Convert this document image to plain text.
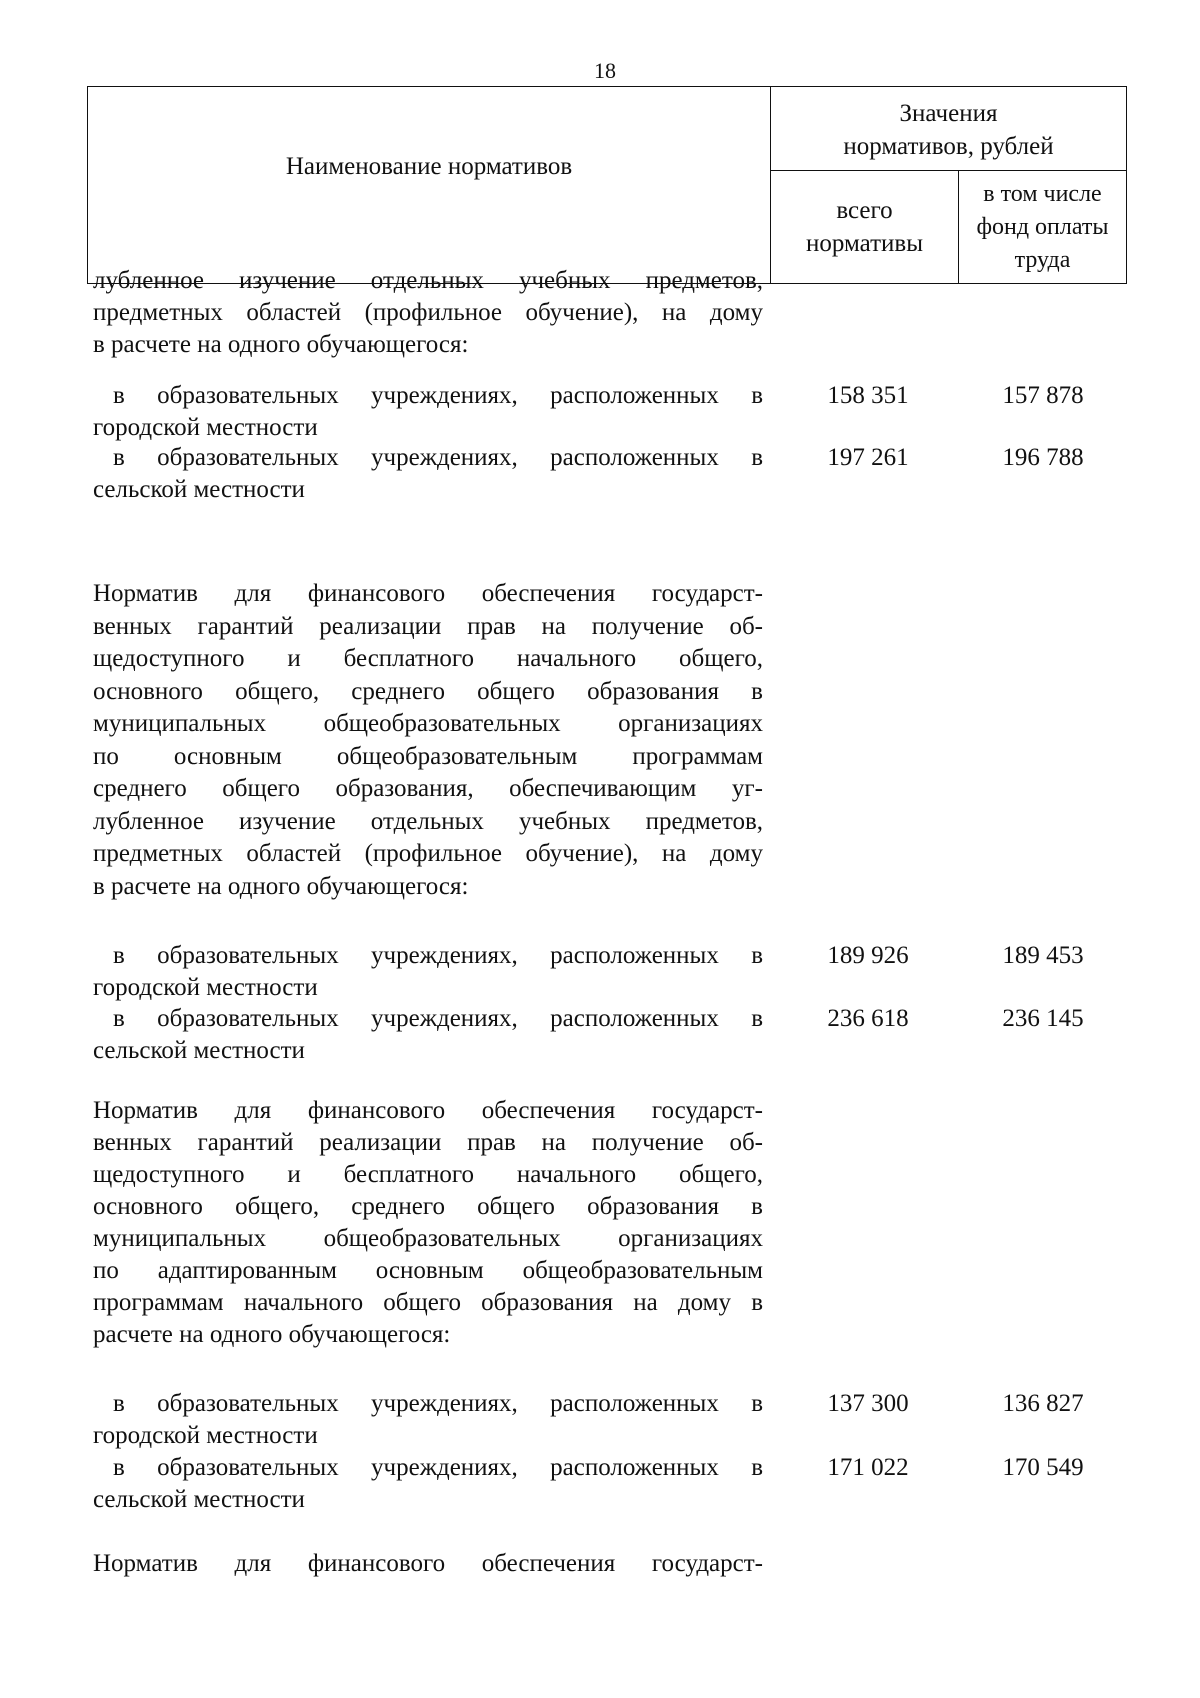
18
Наименование нормативов
Значения нормативов, рублей
всего нормативы
в том числе фонд оплаты труда
лубленное изучение отдельных учебных предметов,
предметных областей (профильное обучение), на дому
в расчете на одного обучающегося:
в образовательных учреждениях, расположенных в
городской местности
158 351	157 878
в образовательных учреждениях, расположенных в
сельской местности
197 261	196 788
Норматив для финансового обеспечения государст-
венных гарантий реализации прав на получение об-
щедоступного и бесплатного начального общего,
основного общего, среднего общего образования в
муниципальных общеобразовательных организациях
по основным общеобразовательным программам
среднего общего образования, обеспечивающим уг-
лубленное изучение отдельных учебных предметов,
предметных областей (профильное обучение), на дому
в расчете на одного обучающегося:
в образовательных учреждениях, расположенных в
городской местности
189 926	189 453
в образовательных учреждениях, расположенных в
сельской местности
236 618	236 145
Норматив для финансового обеспечения государст-
венных гарантий реализации прав на получение об-
щедоступного и бесплатного начального общего,
основного общего, среднего общего образования в
муниципальных общеобразовательных организациях
по адаптированным основным общеобразовательным
программам начального общего образования на дому в
расчете на одного обучающегося:
в образовательных учреждениях, расположенных в
городской местности
137 300	136 827
в образовательных учреждениях, расположенных в
сельской местности
171 022	170 549
Норматив для финансового обеспечения государст-
